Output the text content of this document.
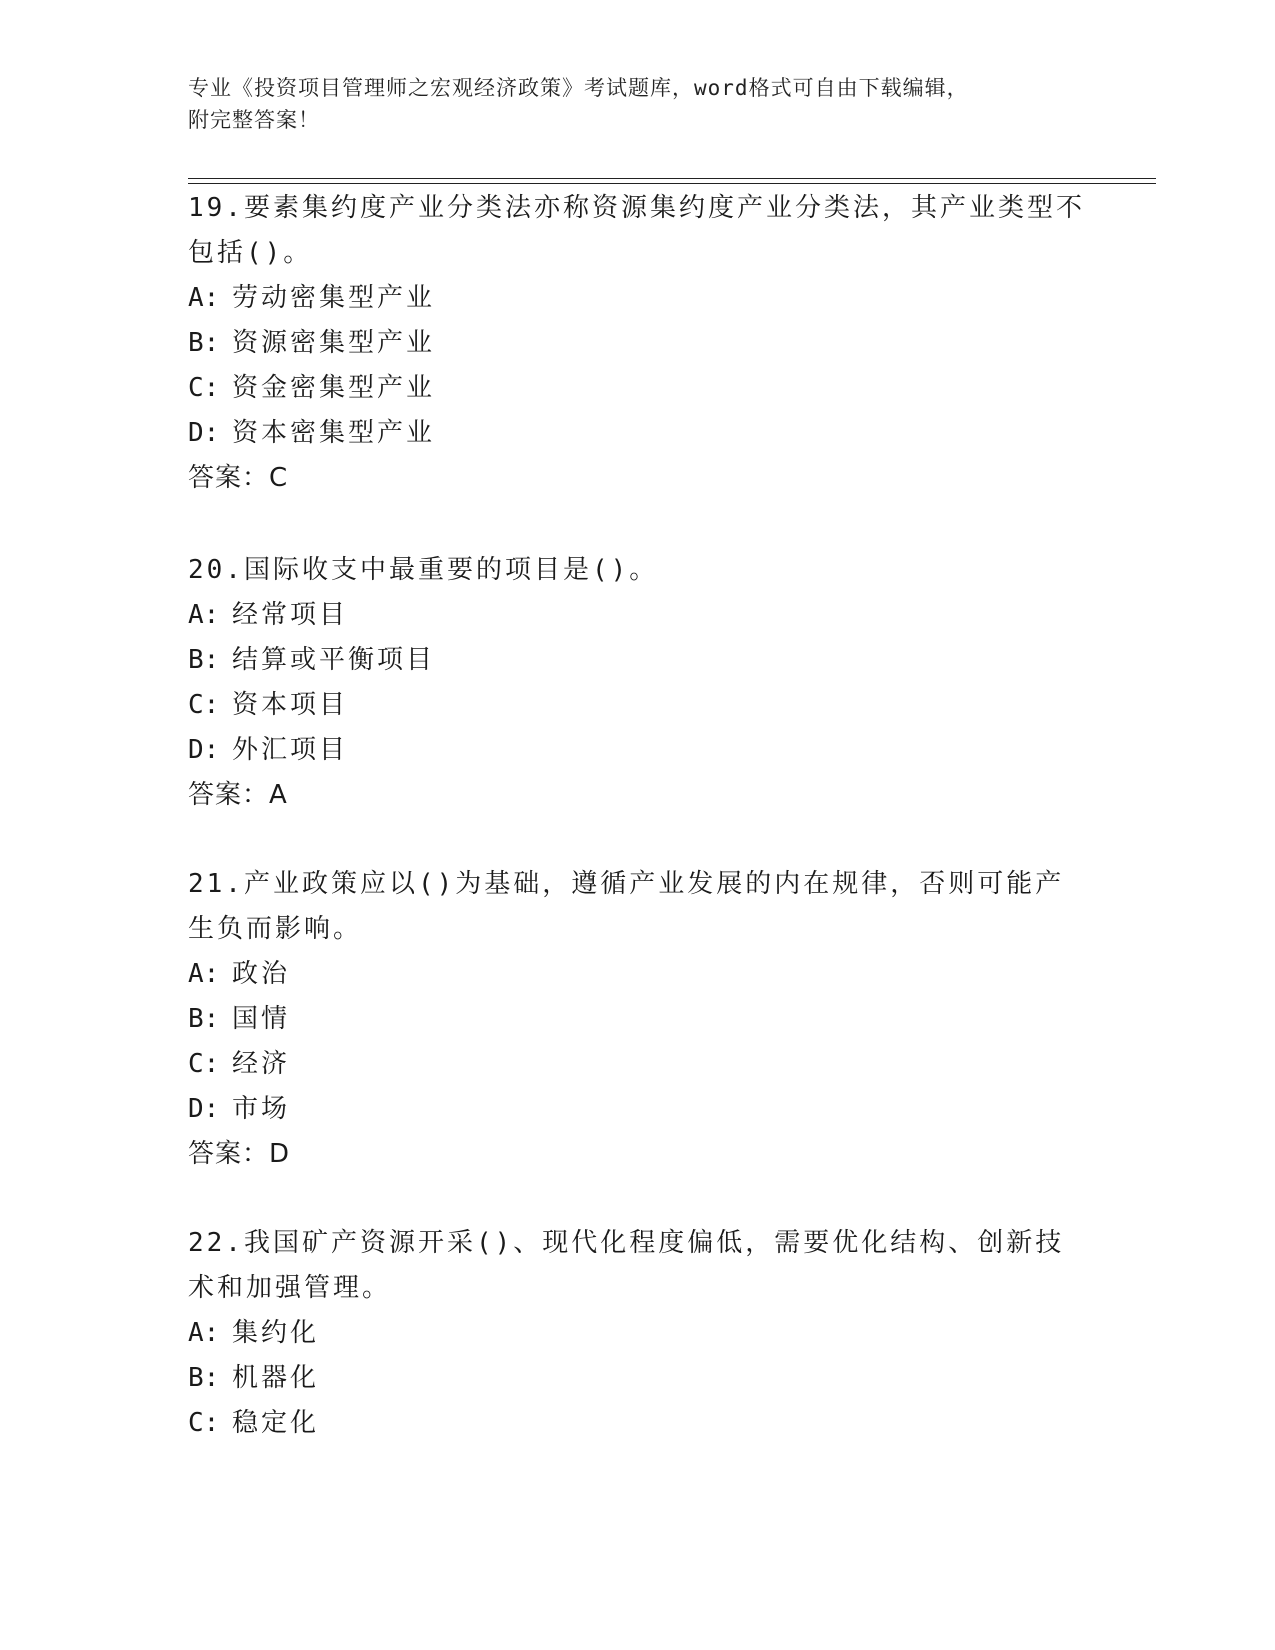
专业《投资项目管理师之宏观经济政策》考试题库，word格式可自由下载编辑，
附完整答案！
19.要素集约度产业分类法亦称资源集约度产业分类法，其产业类型不包括()。
A: 劳动密集型产业
B: 资源密集型产业
C: 资金密集型产业
D: 资本密集型产业
答案：C
20.国际收支中最重要的项目是()。
A: 经常项目
B: 结算或平衡项目
C: 资本项目
D: 外汇项目
答案：A
21.产业政策应以()为基础，遵循产业发展的内在规律，否则可能产生负而影响。
A: 政治
B: 国情
C: 经济
D: 市场
答案：D
22.我国矿产资源开采()、现代化程度偏低，需要优化结构、创新技术和加强管理。
A: 集约化
B: 机器化
C: 稳定化
